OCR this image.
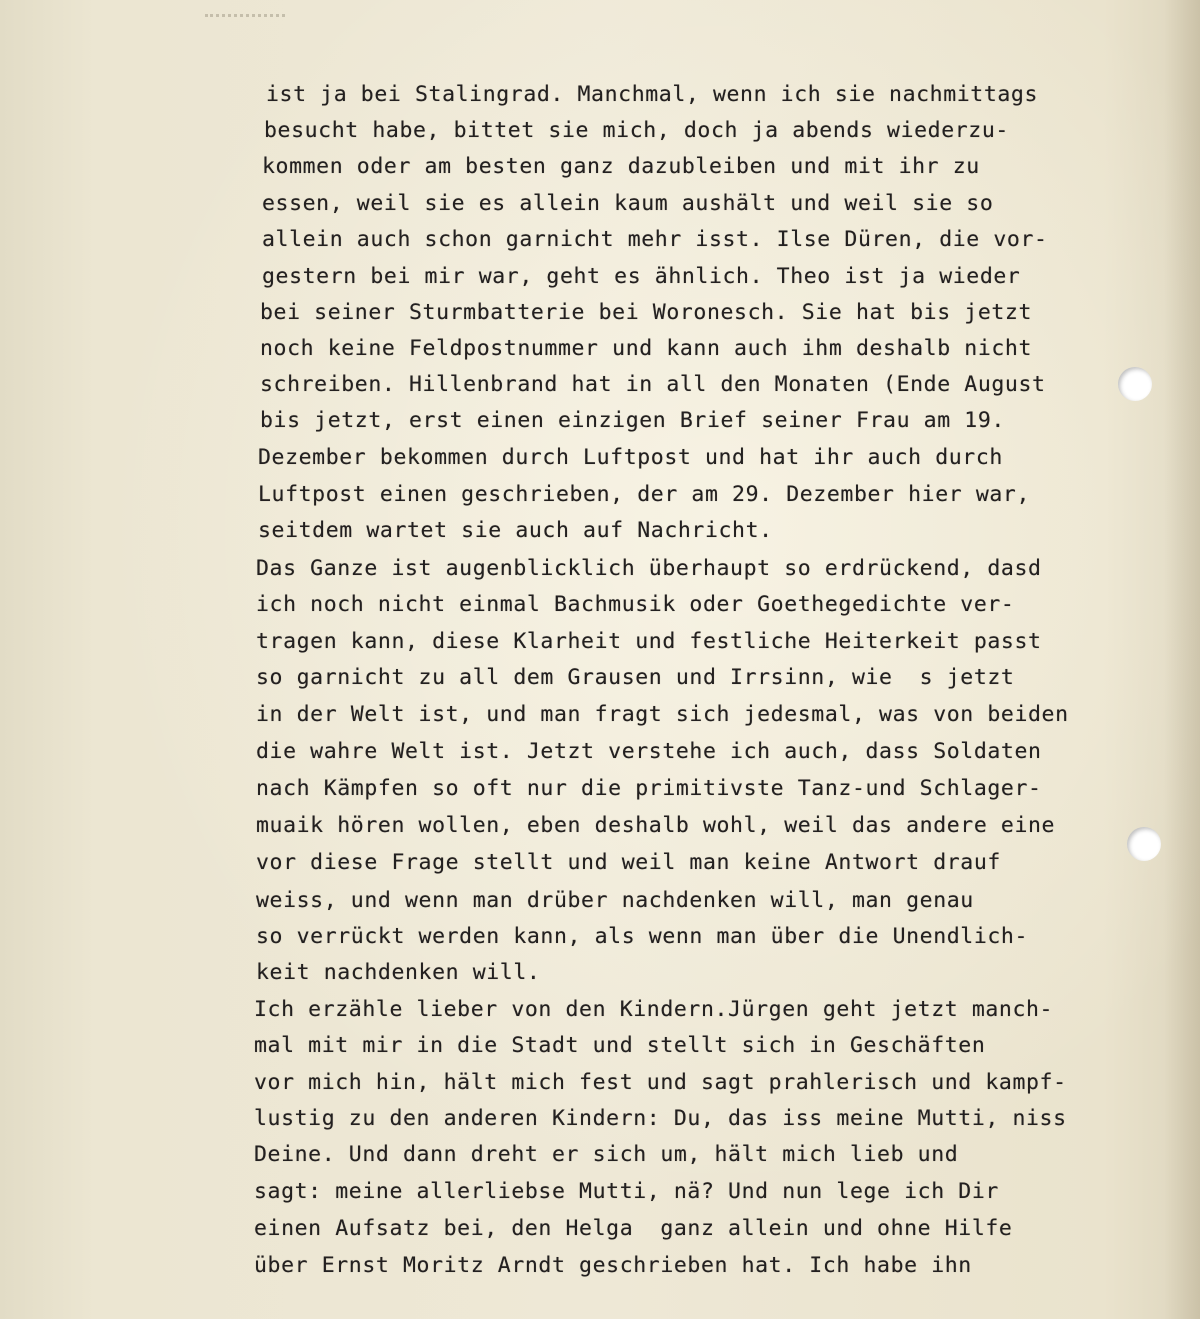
ist ja bei Stalingrad. Manchmal, wenn ich sie nachmittags
besucht habe, bittet sie mich, doch ja abends wiederzu-
kommen oder am besten ganz dazubleiben und mit ihr zu
essen, weil sie es allein kaum aushält und weil sie so
allein auch schon garnicht mehr isst. Ilse Düren, die vor-
gestern bei mir war, geht es ähnlich. Theo ist ja wieder
bei seiner Sturmbatterie bei Woronesch. Sie hat bis jetzt
noch keine Feldpostnummer und kann auch ihm deshalb nicht
schreiben. Hillenbrand hat in all den Monaten (Ende August
bis jetzt, erst einen einzigen Brief seiner Frau am 19.
Dezember bekommen durch Luftpost und hat ihr auch durch
Luftpost einen geschrieben, der am 29. Dezember hier war,
seitdem wartet sie auch auf Nachricht.
Das Ganze ist augenblicklich überhaupt so erdrückend, dasd
ich noch nicht einmal Bachmusik oder Goethegedichte ver-
tragen kann, diese Klarheit und festliche Heiterkeit passt
so garnicht zu all dem Grausen und Irrsinn, wie  s jetzt
in der Welt ist, und man fragt sich jedesmal, was von beiden
die wahre Welt ist. Jetzt verstehe ich auch, dass Soldaten
nach Kämpfen so oft nur die primitivste Tanz-und Schlager-
muaik hören wollen, eben deshalb wohl, weil das andere eine
vor diese Frage stellt und weil man keine Antwort drauf
weiss, und wenn man drüber nachdenken will, man genau
so verrückt werden kann, als wenn man über die Unendlich-
keit nachdenken will.
Ich erzähle lieber von den Kindern.Jürgen geht jetzt manch-
mal mit mir in die Stadt und stellt sich in Geschäften
vor mich hin, hält mich fest und sagt prahlerisch und kampf-
lustig zu den anderen Kindern: Du, das iss meine Mutti, niss
Deine. Und dann dreht er sich um, hält mich lieb und
sagt: meine allerliebse Mutti, nä? Und nun lege ich Dir
einen Aufsatz bei, den Helga  ganz allein und ohne Hilfe
über Ernst Moritz Arndt geschrieben hat. Ich habe ihn
